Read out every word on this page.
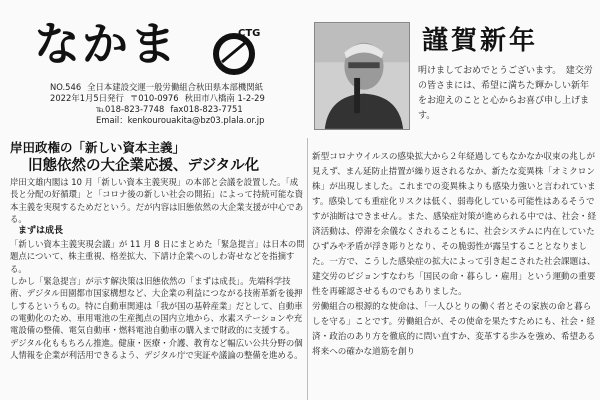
なかま	CTG
NO.546 全日本建設交運一般労働組合秋田県本部機関紙
2022年1月5日発行 〒010-0976 秋田市八橋南 1-2-29
℡018-823-7748 fax018-823-7751
Email：kenkourouakita@bz03.plala.or.jp
謹賀新年
明けましておめでとうございます。　建交労の皆さまには、希望に満ちた輝かしい新年をお迎えのことと心からお喜び申し上げます。
岸田政権の「新しい資本主義」
旧態依然の大企業応援、デジタル化

岸田文雄内閣は 10 月「新しい資本主義実現」の本部と会議を設置した。「成長と分配の好循環」と「コロナ後の新しい社会の開拓」によって持続可能な資本主義を実現するためだという。だが内容は旧態依然の大企業支援が中心である。

まずは成長

「新しい資本主義実現会議」が 11 月 8 日にまとめた「緊急提言」は日本の問題点について、株主重視、格差拡大、下請け企業へのしわ寄せなどを指摘する。

しかし「緊急提言」が示す解決策は旧態依然の「まずは成長」。先端科学技術、デジタル田園都市国家構想など、大企業の利益につながる技術革新を後押しするというもの。特に自動車関連は「我が国の基幹産業」だとして、自動車の電動化のため、車用電池の生産拠点の国内立地から、水素ステーションや充電設備の整備、電気自動車・燃料電池自動車の購入まで財政的に支援する。

デジタル化ももちろん推進。健康・医療・介護、教育など幅広い公共分野の個人情報を企業が利活用できるよう、デジタル庁で実証や議論の整備を進める。

新型コロナウイルスの感染拡大から２年経過してもなかなか収束の兆しが見えず、まん延防止措置が繰り返されるなか、新たな変異株「オミクロン株」が出現しました。これまでの変異株よりも感染力強いと言われています。感染しても重症化リスクは低く、弱毒化している可能性はあるそうですが油断はできません。また、感染症対策が進められる中では、社会・経済活動は、停滞を余儀なくされることもに、社会システムに内在していたひずみや矛盾が浮き彫りとなり、その脆弱性が露呈することとなりました。一方で、こうした感染症の拡大によって引き起こされた社会課題は、建交労のビジョンすなわち「国民の命・暮らし・雇用」という運動の重要性を再確認させるものでもありました。

労働組合の根源的な使命は、「一人ひとりの働く者とその家族の命と暮らしを守る」ことです。労働組合が、その使命を果たすためにも、社会・経済・政治のあり方を徹底的に問い直すか、変革する歩みを強め、希望ある将来への確かな道筋を創り
